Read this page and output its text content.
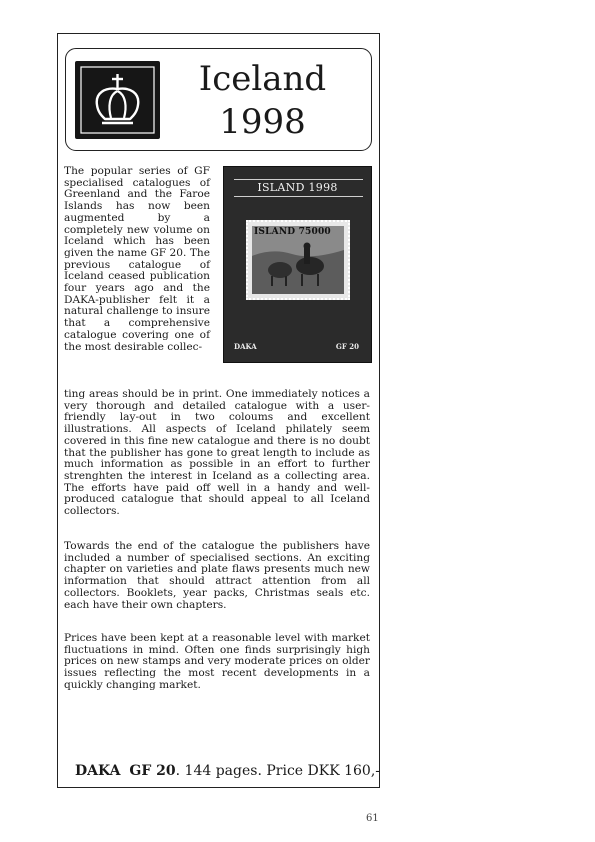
Iceland
1998
ISLAND 1998
ISLAND 75000
DAKA	GF 20

The popular series of GF specialised catalogues of Greenland and the Faroe Islands has now been augmented by a completely new volume on Iceland which has been given the name GF 20. The previous catalogue of Iceland ceased publication four years ago and the DAKA-publisher felt it a natural challenge to insure that a comprehensive catalogue covering one of the most desirable collec-

ting areas should be in print. One immediately notices a very thorough and detailed catalogue with a user-friendly lay-out in two coloums and excellent illustrations. All aspects of Iceland philately seem covered in this fine new catalogue and there is no doubt that the publisher has gone to great length to include as much information as possible in an effort to further strenghten the interest in Iceland as a collecting area. The efforts have paid off well in a handy and well-produced catalogue that should appeal to all Iceland collectors.

Towards the end of the catalogue the publishers have included a number of specialised sections. An exciting chapter on varieties and plate flaws presents much new information that should attract attention from all collectors. Booklets, year packs, Christmas seals etc. each have their own chapters.

Prices have been kept at a reasonable level with market fluctuations in mind. Often one finds surprisingly high prices on new stamps and very moderate prices on older issues reflecting the most recent developments in a quickly changing market.

DAKA GF 20. 144 pages. Price DKK 160,-
61
